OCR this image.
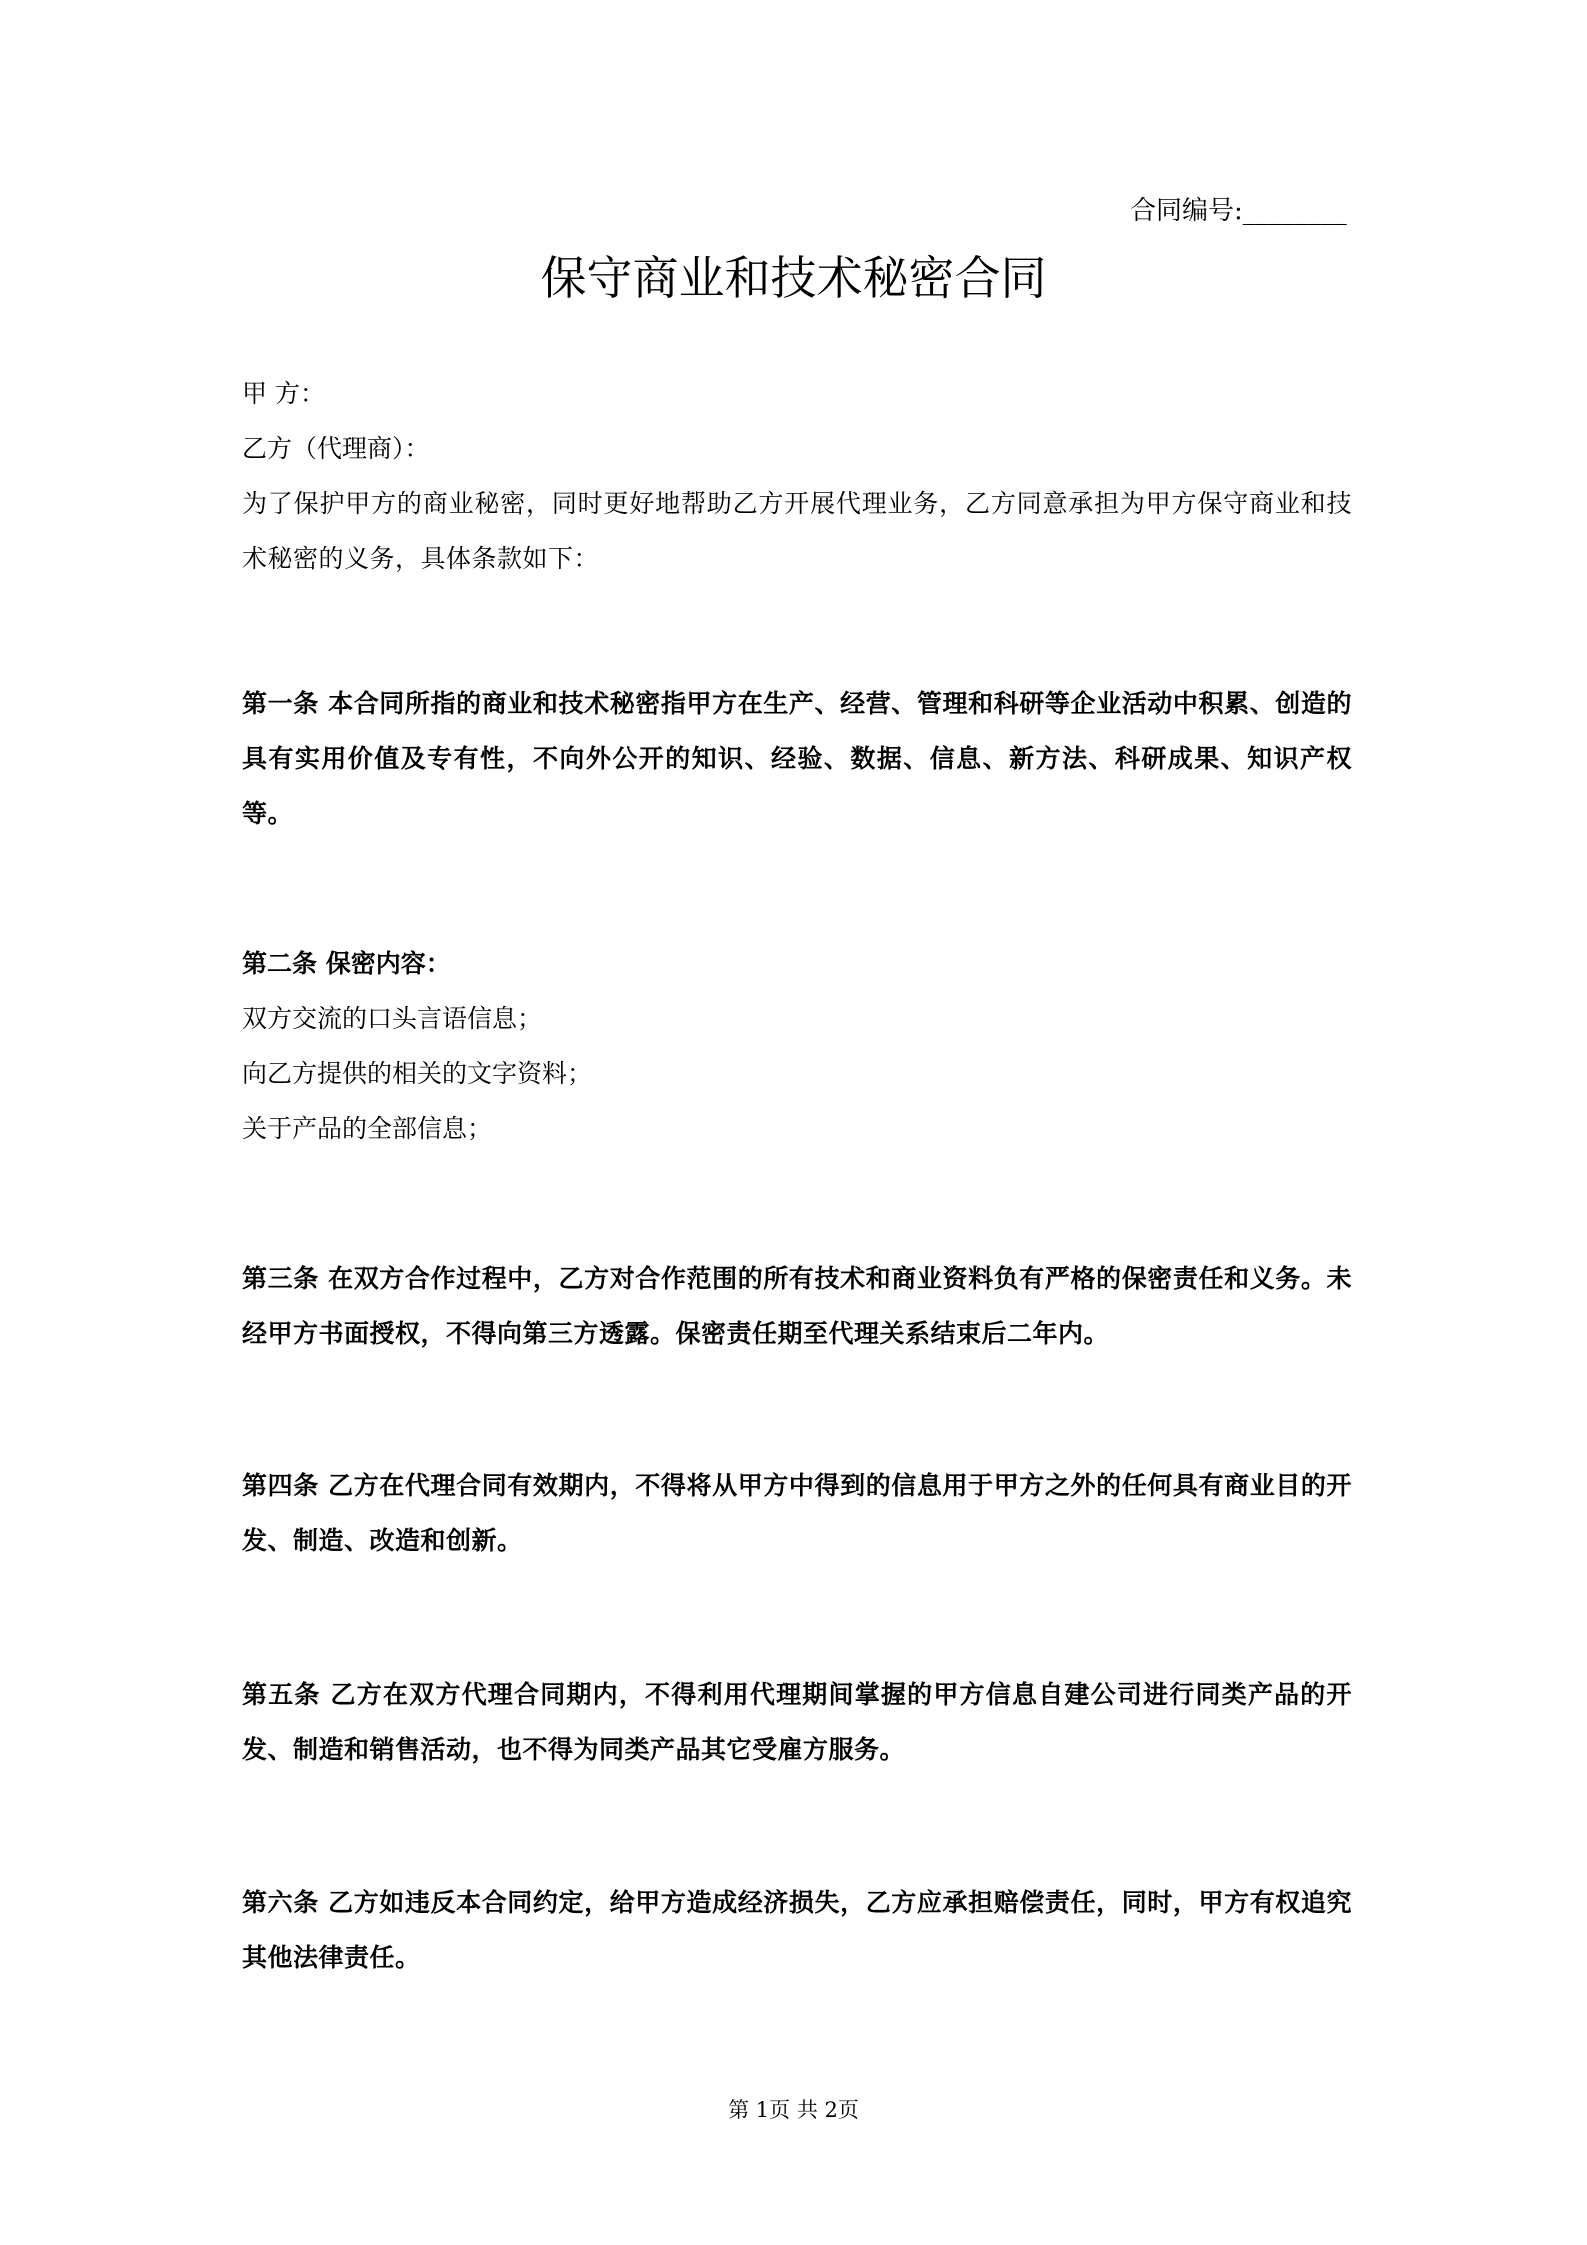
合同编号:________
保守商业和技术秘密合同
甲 方：
乙方（代理商）：
为了保护甲方的商业秘密，同时更好地帮助乙方开展代理业务，乙方同意承担为甲方保守商业和技术秘密的义务，具体条款如下：
第一条 本合同所指的商业和技术秘密指甲方在生产、经营、管理和科研等企业活动中积累、创造的具有实用价值及专有性，不向外公开的知识、经验、数据、信息、新方法、科研成果、知识产权等。
第二条 保密内容：
双方交流的口头言语信息；
向乙方提供的相关的文字资料；
关于产品的全部信息；
第三条 在双方合作过程中，乙方对合作范围的所有技术和商业资料负有严格的保密责任和义务。未经甲方书面授权，不得向第三方透露。保密责任期至代理关系结束后二年内。
第四条 乙方在代理合同有效期内，不得将从甲方中得到的信息用于甲方之外的任何具有商业目的开发、制造、改造和创新。
第五条 乙方在双方代理合同期内，不得利用代理期间掌握的甲方信息自建公司进行同类产品的开发、制造和销售活动，也不得为同类产品其它受雇方服务。
第六条 乙方如违反本合同约定，给甲方造成经济损失，乙方应承担赔偿责任，同时，甲方有权追究其他法律责任。
第 1页 共 2页
